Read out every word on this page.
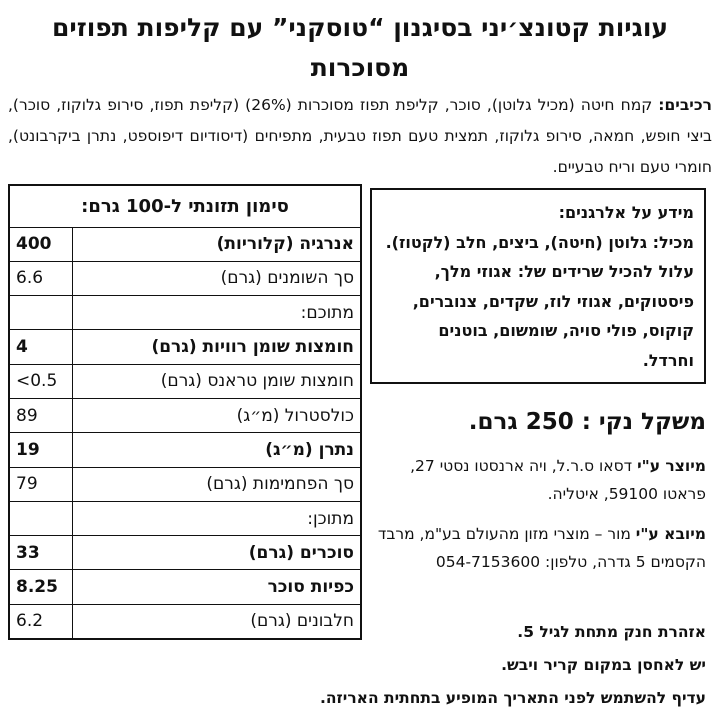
עוגיות קטונצ׳יני בסיגנון “טוסקני” עם קליפות תפוזים מסוכרות
רכיבים: קמח חיטה (מכיל גלוטן), סוכר, קליפת תפוז מסוכרות (26%) (קליפת תפוז, סירופ גלוקוז, סוכר), ביצי חופש, חמאה, סירופ גלוקוז, תמצית טעם תפוז טבעית, מתפיחים (דיסודיום דיפוספט, נתרן ביקרבונט), חומרי טעם וריח טבעיים.
סימון תזונתי ל-100 גרם:	
אנרגיה (קלוריות)	400
סך השומנים (גרם)	6.6
מתוכם:	
חומצות שומן רוויות (גרם)	4
חומצות שומן טראנס (גרם)	<0.5
כולסטרול (מ״ג)	89
נתרן (מ״ג)	19
סך הפחמימות (גרם)	79
מתוכן:	
סוכרים (גרם)	33
כפיות סוכר	8.25
חלבונים (גרם)	6.2
מידע על אלרגנים:
מכיל: גלוטן (חיטה), ביצים, חלב (לקטוז). עלול להכיל שרידים של: אגוזי מלך, פיסטוקים, אגוזי לוז, שקדים, צנוברים, קוקוס, פולי סויה, שומשום, בוטנים וחרדל.
משקל נקי : 250 גרם.
מיוצר ע"י דסאו ס.ר.ל, ויה ארנסטו נסטי 27, פראטו 59100, איטליה.
מיובא ע"י מור – מוצרי מזון מהעולם בע"מ, מרבד הקסמים 5 גדרה, טלפון: 054-7153600
אזהרת חנק מתחת לגיל 5.
יש לאחסן במקום קריר ויבש.
עדיף להשתמש לפני התאריך המופיע בתחתית האריזה.
